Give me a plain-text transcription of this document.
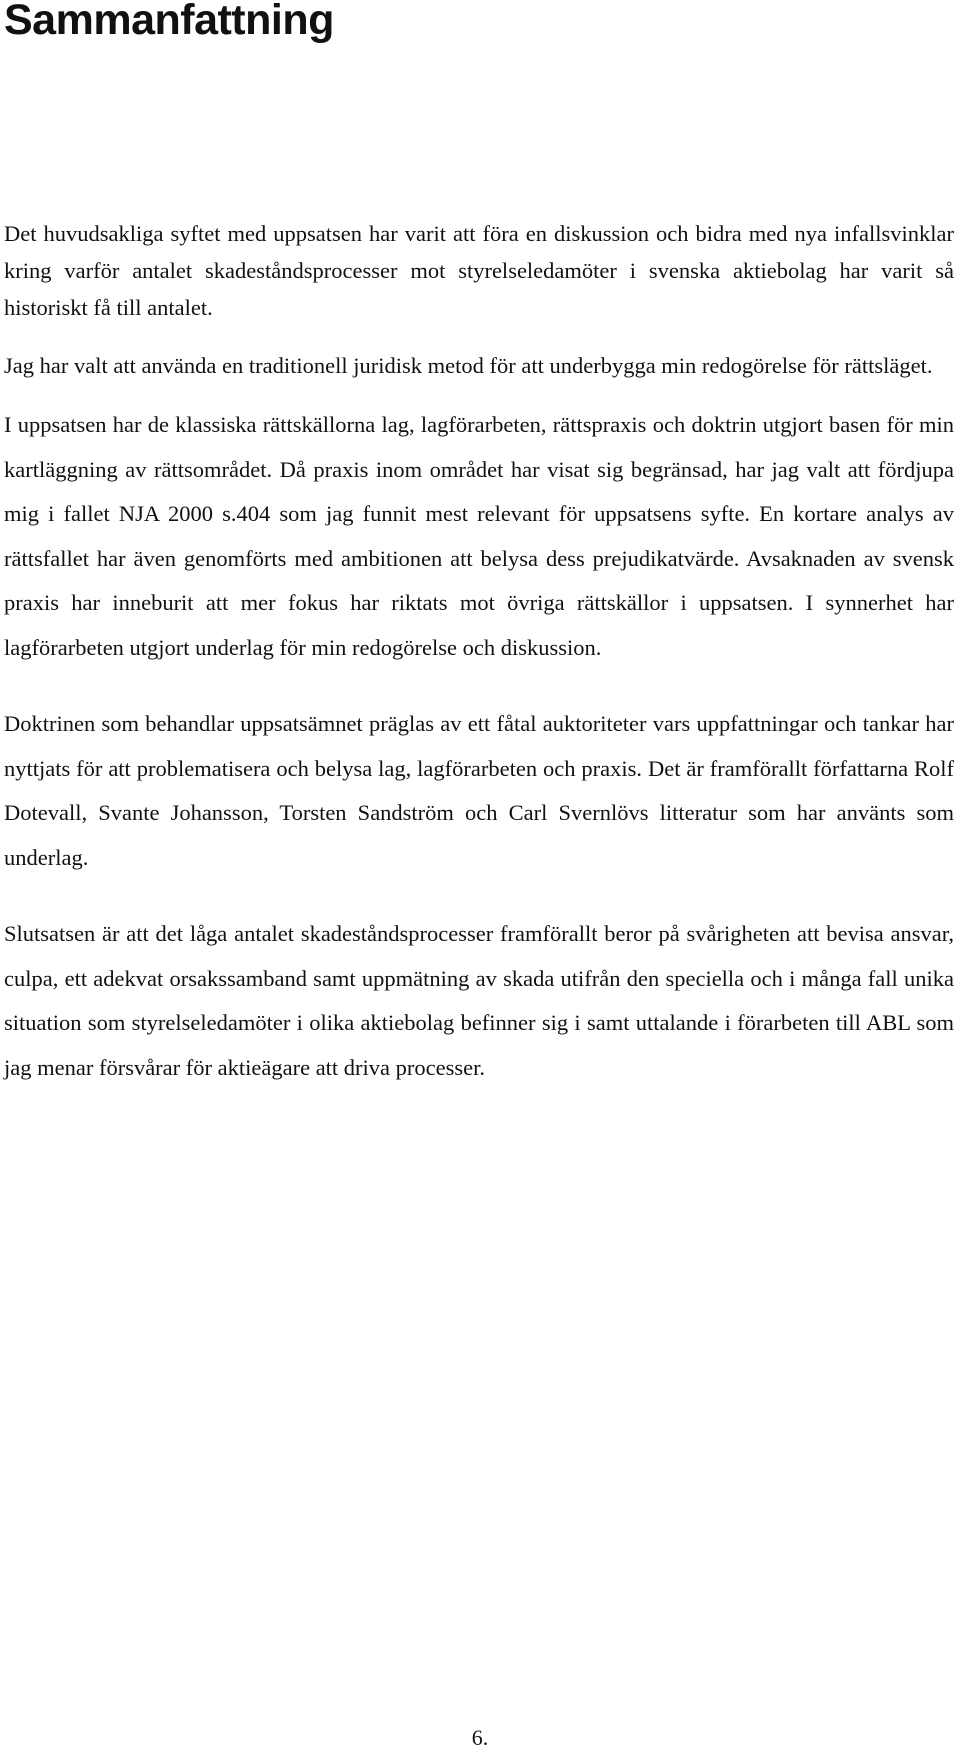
Sammanfattning

Det huvudsakliga syftet med uppsatsen har varit att föra en diskussion och bidra med nya infallsvinklar kring varför antalet skadeståndsprocesser mot styrelseledamöter i svenska aktiebolag har varit så historiskt få till antalet.

Jag har valt att använda en traditionell juridisk metod för att underbygga min redogörelse för rättsläget.

I uppsatsen har de klassiska rättskällorna lag, lagförarbeten, rättspraxis och doktrin utgjort basen för min kartläggning av rättsområdet. Då praxis inom området har visat sig begränsad, har jag valt att fördjupa mig i fallet NJA 2000 s.404 som jag funnit mest relevant för uppsatsens syfte. En kortare analys av rättsfallet har även genomförts med ambitionen att belysa dess prejudikatvärde. Avsaknaden av svensk praxis har inneburit att mer fokus har riktats mot övriga rättskällor i uppsatsen. I synnerhet har lagförarbeten utgjort underlag för min redogörelse och diskussion.

Doktrinen som behandlar uppsatsämnet präglas av ett fåtal auktoriteter vars uppfattningar och tankar har nyttjats för att problematisera och belysa lag, lagförarbeten och praxis. Det är framförallt författarna Rolf Dotevall, Svante Johansson, Torsten Sandström och Carl Svernlövs litteratur som har använts som underlag.

Slutsatsen är att det låga antalet skadeståndsprocesser framförallt beror på svårigheten att bevisa ansvar, culpa, ett adekvat orsakssamband samt uppmätning av skada utifrån den speciella och i många fall unika situation som styrelseledamöter i olika aktiebolag befinner sig i samt uttalande i förarbeten till ABL som jag menar försvårar för aktieägare att driva processer.

6.
